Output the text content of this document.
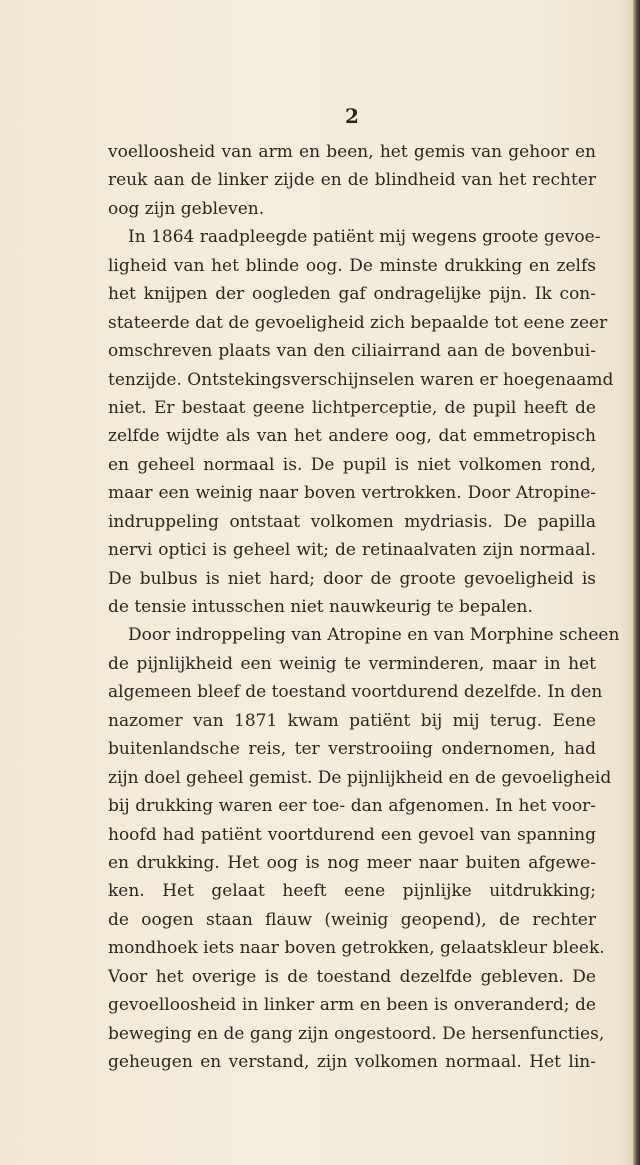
2
voelloosheid van arm en been, het gemis van gehoor en
reuk aan de linker zijde en de blindheid van het rechter
oog zijn gebleven.
In 1864 raadpleegde patiënt mij wegens groote gevoe-
ligheid van het blinde oog. De minste drukking en zelfs
het knijpen der oogleden gaf ondragelijke pijn. Ik con-
stateerde dat de gevoeligheid zich bepaalde tot eene zeer
omschreven plaats van den ciliairrand aan de bovenbui-
tenzijde. Ontstekingsverschijnselen waren er hoegenaamd
niet. Er bestaat geene lichtperceptie, de pupil heeft de
zelfde wijdte als van het andere oog, dat emmetropisch
en geheel normaal is. De pupil is niet volkomen rond,
maar een weinig naar boven vertrokken. Door Atropine-
indruppeling ontstaat volkomen mydriasis. De papilla
nervi optici is geheel wit; de retinaalvaten zijn normaal.
De bulbus is niet hard; door de groote gevoeligheid is
de tensie intusschen niet nauwkeurig te bepalen.
Door indroppeling van Atropine en van Morphine scheen
de pijnlijkheid een weinig te verminderen, maar in het
algemeen bleef de toestand voortdurend dezelfde. In den
nazomer van 1871 kwam patiënt bij mij terug. Eene
buitenlandsche reis, ter verstrooiing ondernomen, had
zijn doel geheel gemist. De pijnlijkheid en de gevoeligheid
bij drukking waren eer toe- dan afgenomen. In het voor-
hoofd had patiënt voortdurend een gevoel van spanning
en drukking. Het oog is nog meer naar buiten afgewe-
ken. Het gelaat heeft eene pijnlijke uitdrukking;
de oogen staan flauw (weinig geopend), de rechter
mondhoek iets naar boven getrokken, gelaatskleur bleek.
Voor het overige is de toestand dezelfde gebleven. De
gevoelloosheid in linker arm en been is onveranderd; de
beweging en de gang zijn ongestoord. De hersenfuncties,
geheugen en verstand, zijn volkomen normaal. Het lin-
